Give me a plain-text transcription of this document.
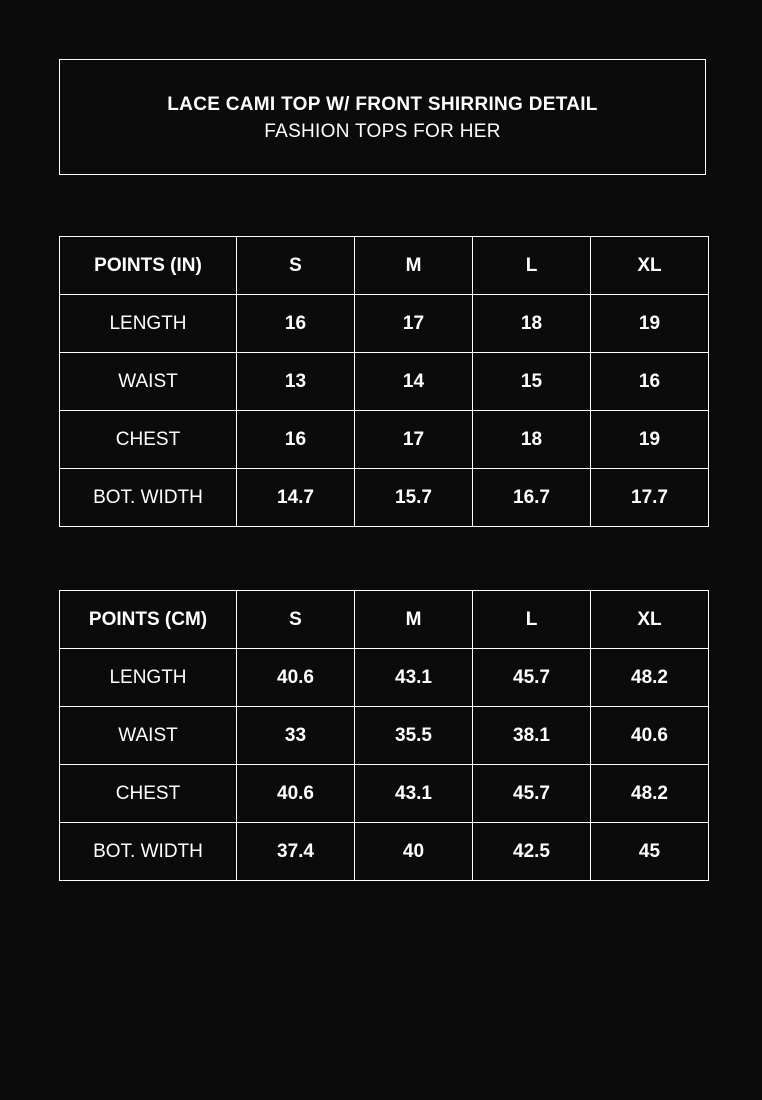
LACE CAMI TOP W/ FRONT SHIRRING DETAIL
FASHION TOPS FOR HER
POINTS (IN)	S	M	L	XL
LENGTH	16	17	18	19
WAIST	13	14	15	16
CHEST	16	17	18	19
BOT. WIDTH	14.7	15.7	16.7	17.7
POINTS (CM)	S	M	L	XL
LENGTH	40.6	43.1	45.7	48.2
WAIST	33	35.5	38.1	40.6
CHEST	40.6	43.1	45.7	48.2
BOT. WIDTH	37.4	40	42.5	45
